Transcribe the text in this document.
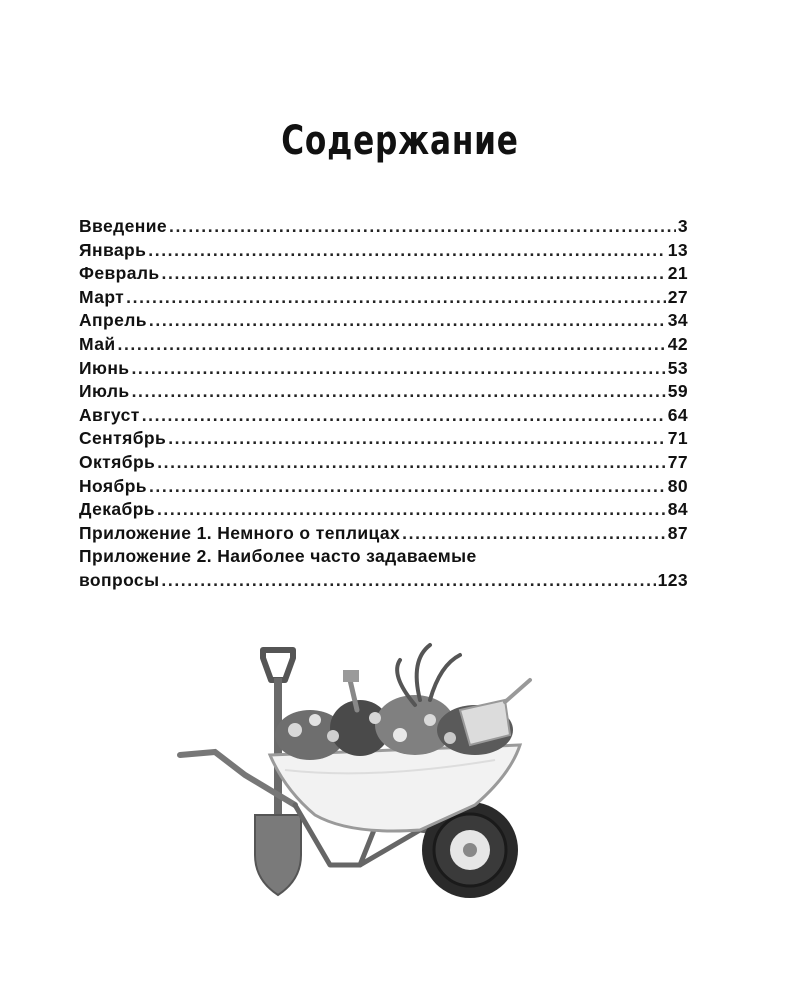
Содержание
Введение .....	3
Январь .....	13
Февраль .....	21
Март .....	27
Апрель .....	34
Май .....	42
Июнь .....	53
Июль .....	59
Август .....	64
Сентябрь .....	71
Октябрь .....	77
Ноябрь .....	80
Декабрь .....	84
Приложение 1. Немного о теплицах .....	87
Приложение 2. Наиболее часто задаваемые
вопросы .....	123
